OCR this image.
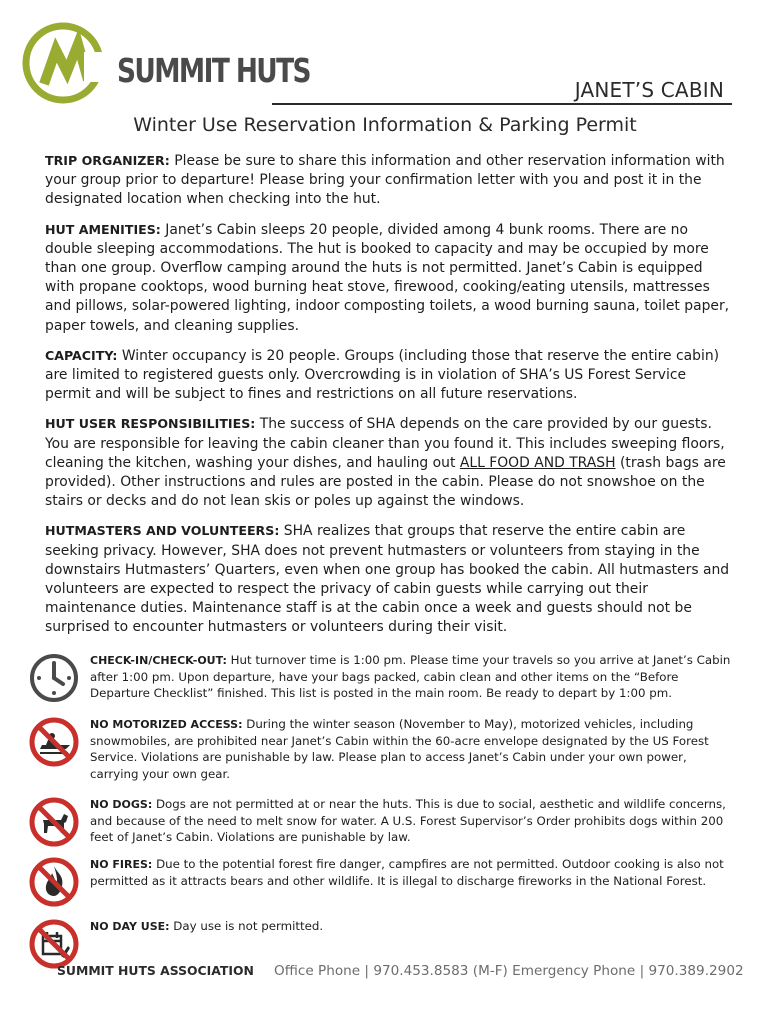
SUMMIT HUTS	JANET’S CABIN
Winter Use Reservation Information & Parking Permit

TRIP ORGANIZER: Please be sure to share this information and other reservation information with your group prior to departure! Please bring your confirmation letter with you and post it in the designated location when checking into the hut.

HUT AMENITIES: Janet’s Cabin sleeps 20 people, divided among 4 bunk rooms. There are no double sleeping accommodations. The hut is booked to capacity and may be occupied by more than one group. Overflow camping around the huts is not permitted. Janet’s Cabin is equipped with propane cooktops, wood burning heat stove, firewood, cooking/eating utensils, mattresses and pillows, solar-powered lighting, indoor composting toilets, a wood burning sauna, toilet paper, paper towels, and cleaning supplies.

CAPACITY: Winter occupancy is 20 people. Groups (including those that reserve the entire cabin) are limited to registered guests only. Overcrowding is in violation of SHA’s US Forest Service permit and will be subject to fines and restrictions on all future reservations.

HUT USER RESPONSIBILITIES: The success of SHA depends on the care provided by our guests. You are responsible for leaving the cabin cleaner than you found it. This includes sweeping floors, cleaning the kitchen, washing your dishes, and hauling out ALL FOOD AND TRASH (trash bags are provided). Other instructions and rules are posted in the cabin. Please do not snowshoe on the stairs or decks and do not lean skis or poles up against the windows.

HUTMASTERS AND VOLUNTEERS: SHA realizes that groups that reserve the entire cabin are seeking privacy. However, SHA does not prevent hutmasters or volunteers from staying in the downstairs Hutmasters’ Quarters, even when one group has booked the cabin. All hutmasters and volunteers are expected to respect the privacy of cabin guests while carrying out their maintenance duties. Maintenance staff is at the cabin once a week and guests should not be surprised to encounter hutmasters or volunteers during their visit.

CHECK-IN/CHECK-OUT: Hut turnover time is 1:00 pm. Please time your travels so you arrive at Janet’s Cabin after 1:00 pm. Upon departure, have your bags packed, cabin clean and other items on the “Before Departure Checklist” finished. This list is posted in the main room. Be ready to depart by 1:00 pm.
NO MOTORIZED ACCESS: During the winter season (November to May), motorized vehicles, including snowmobiles, are prohibited near Janet’s Cabin within the 60-acre envelope designated by the US Forest Service. Violations are punishable by law. Please plan to access Janet’s Cabin under your own power, carrying your own gear.
NO DOGS: Dogs are not permitted at or near the huts. This is due to social, aesthetic and wildlife concerns, and because of the need to melt snow for water. A U.S. Forest Supervisor’s Order prohibits dogs within 200 feet of Janet’s Cabin. Violations are punishable by law.
NO FIRES: Due to the potential forest fire danger, campfires are not permitted. Outdoor cooking is also not permitted as it attracts bears and other wildlife. It is illegal to discharge fireworks in the National Forest.
NO DAY USE: Day use is not permitted.
SUMMIT HUTS ASSOCIATION Office Phone | 970.453.8583 (M-F) Emergency Phone | 970.389.2902
